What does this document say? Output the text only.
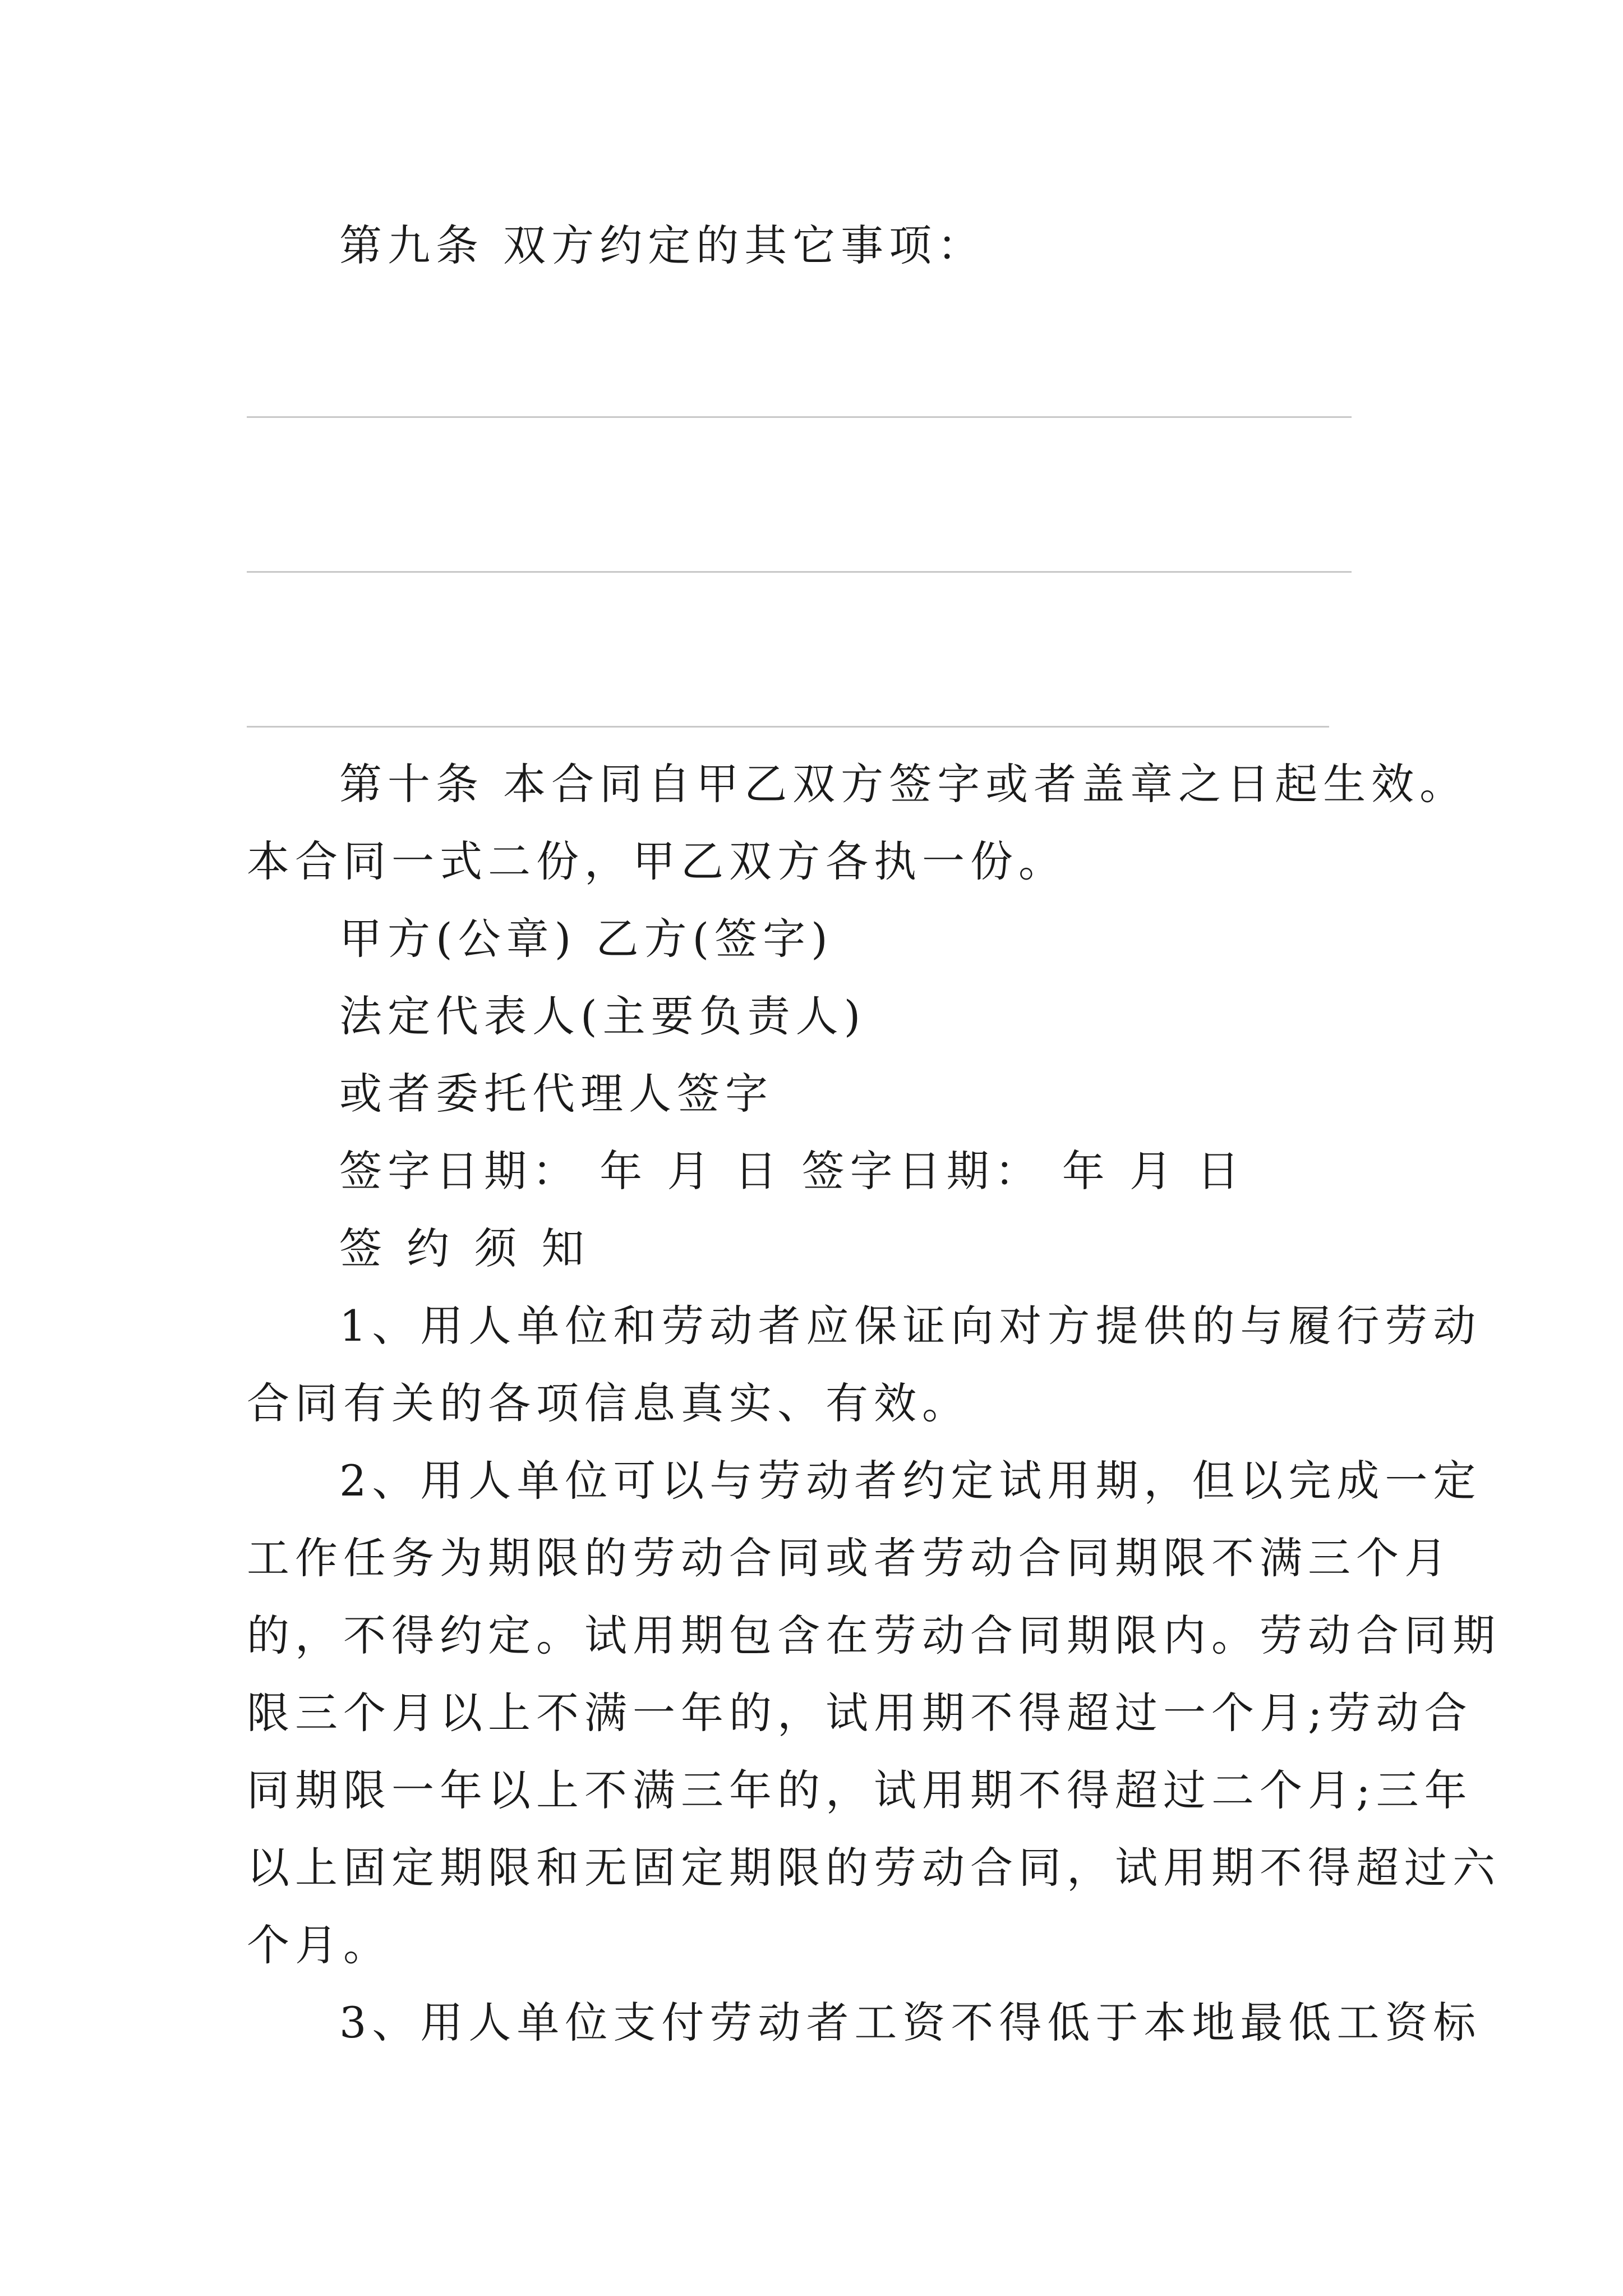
第九条 双方约定的其它事项：
第十条 本合同自甲乙双方签字或者盖章之日起生效。
本合同一式二份，甲乙双方各执一份。
甲方(公章) 乙方(签字)
法定代表人(主要负责人)
或者委托代理人签字
签字日期： 年 月 日 签字日期： 年 月 日
签 约 须 知
1、用人单位和劳动者应保证向对方提供的与履行劳动
合同有关的各项信息真实、有效。
2、用人单位可以与劳动者约定试用期，但以完成一定
工作任务为期限的劳动合同或者劳动合同期限不满三个月
的，不得约定。试用期包含在劳动合同期限内。劳动合同期
限三个月以上不满一年的，试用期不得超过一个月;劳动合
同期限一年以上不满三年的，试用期不得超过二个月;三年
以上固定期限和无固定期限的劳动合同，试用期不得超过六
个月。
3、用人单位支付劳动者工资不得低于本地最低工资标
